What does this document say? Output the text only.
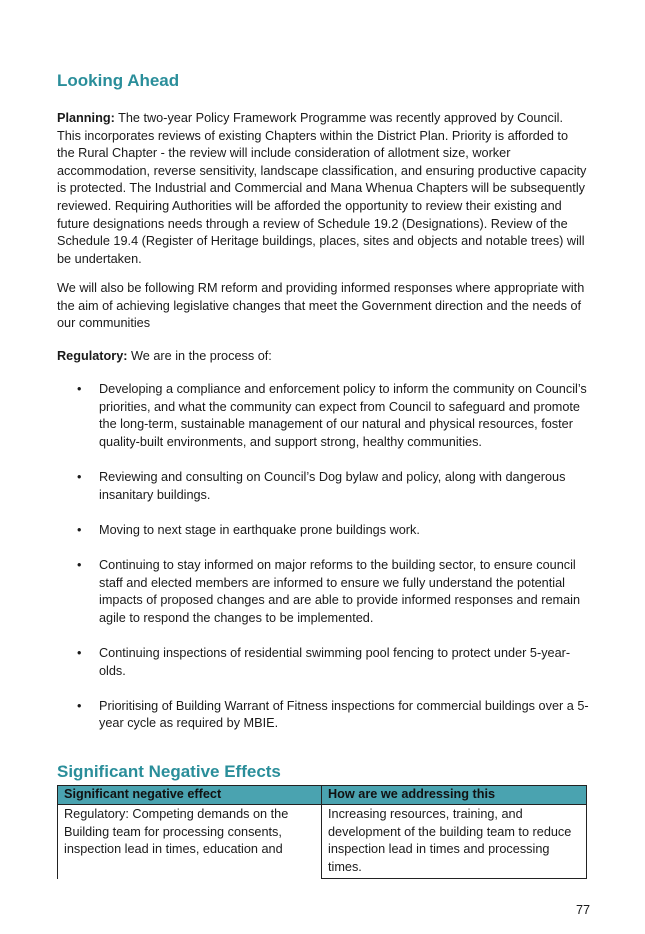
Looking Ahead

Planning: The two-year Policy Framework Programme was recently approved by Council. This incorporates reviews of existing Chapters within the District Plan. Priority is afforded to the Rural Chapter - the review will include consideration of allotment size, worker accommodation, reverse sensitivity, landscape classification, and ensuring productive capacity is protected. The Industrial and Commercial and Mana Whenua Chapters will be subsequently reviewed. Requiring Authorities will be afforded the opportunity to review their existing and future designations needs through a review of Schedule 19.2 (Designations). Review of the Schedule 19.4 (Register of Heritage buildings, places, sites and objects and notable trees) will be undertaken.

We will also be following RM reform and providing informed responses where appropriate with the aim of achieving legislative changes that meet the Government direction and the needs of our communities

Regulatory: We are in the process of:

• Developing a compliance and enforcement policy to inform the community on Council’s priorities, and what the community can expect from Council to safeguard and promote the long-term, sustainable management of our natural and physical resources, foster quality-built environments, and support strong, healthy communities.
• Reviewing and consulting on Council’s Dog bylaw and policy, along with dangerous insanitary buildings.
• Moving to next stage in earthquake prone buildings work.
• Continuing to stay informed on major reforms to the building sector, to ensure council staff and elected members are informed to ensure we fully understand the potential impacts of proposed changes and are able to provide informed responses and remain agile to respond the changes to be implemented.
• Continuing inspections of residential swimming pool fencing to protect under 5-year-olds.
• Prioritising of Building Warrant of Fitness inspections for commercial buildings over a 5-year cycle as required by MBIE.
Significant Negative Effects
Significant negative effect	How are we addressing this
Regulatory: Competing demands on the Building team for processing consents, inspection lead in times, education and	Increasing resources, training, and development of the building team to reduce inspection lead in times and processing times.
77
